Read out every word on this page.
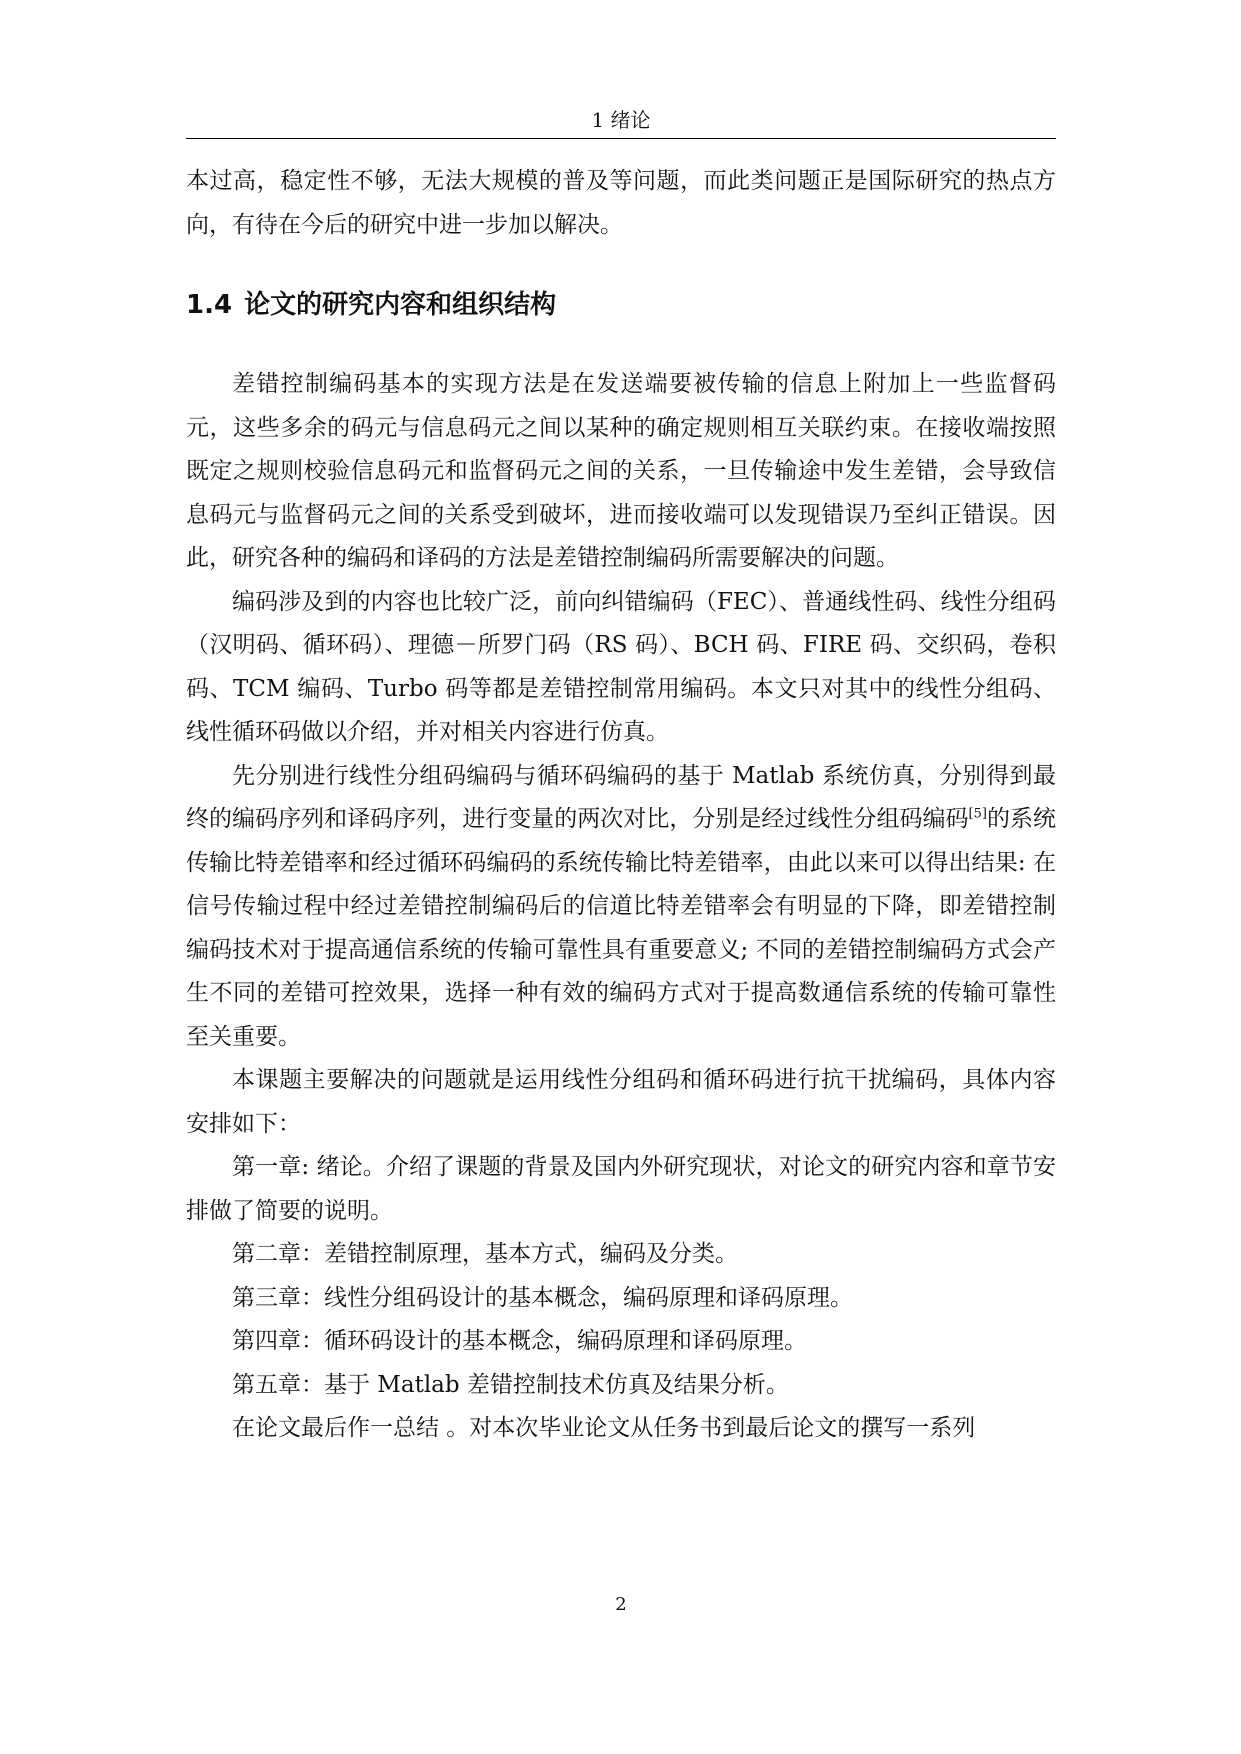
1 绪论

本过高，稳定性不够，无法大规模的普及等问题，而此类问题正是国际研究的热点方向，有待在今后的研究中进一步加以解决。

1.4 论文的研究内容和组织结构

差错控制编码基本的实现方法是在发送端要被传输的信息上附加上一些监督码元，这些多余的码元与信息码元之间以某种的确定规则相互关联约束。在接收端按照既定之规则校验信息码元和监督码元之间的关系，一旦传输途中发生差错，会导致信息码元与监督码元之间的关系受到破坏，进而接收端可以发现错误乃至纠正错误。因此，研究各种的编码和译码的方法是差错控制编码所需要解决的问题。

编码涉及到的内容也比较广泛，前向纠错编码（FEC）、普通线性码、线性分组码（汉明码、循环码）、理德－所罗门码（RS 码）、BCH 码、FIRE 码、交织码，卷积码、TCM 编码、Turbo 码等都是差错控制常用编码。本文只对其中的线性分组码、线性循环码做以介绍，并对相关内容进行仿真。

先分别进行线性分组码编码与循环码编码的基于 Matlab 系统仿真，分别得到最终的编码序列和译码序列，进行变量的两次对比，分别是经过线性分组码编码[5]的系统传输比特差错率和经过循环码编码的系统传输比特差错率，由此以来可以得出结果: 在信号传输过程中经过差错控制编码后的信道比特差错率会有明显的下降，即差错控制编码技术对于提高通信系统的传输可靠性具有重要意义; 不同的差错控制编码方式会产生不同的差错可控效果，选择一种有效的编码方式对于提高数通信系统的传输可靠性至关重要。

本课题主要解决的问题就是运用线性分组码和循环码进行抗干扰编码，具体内容安排如下：

第一章: 绪论。介绍了课题的背景及国内外研究现状，对论文的研究内容和章节安排做了简要的说明。

第二章：差错控制原理，基本方式，编码及分类。

第三章：线性分组码设计的基本概念，编码原理和译码原理。

第四章：循环码设计的基本概念，编码原理和译码原理。

第五章：基于 Matlab 差错控制技术仿真及结果分析。

在论文最后作一总结 。对本次毕业论文从任务书到最后论文的撰写一系列

2
